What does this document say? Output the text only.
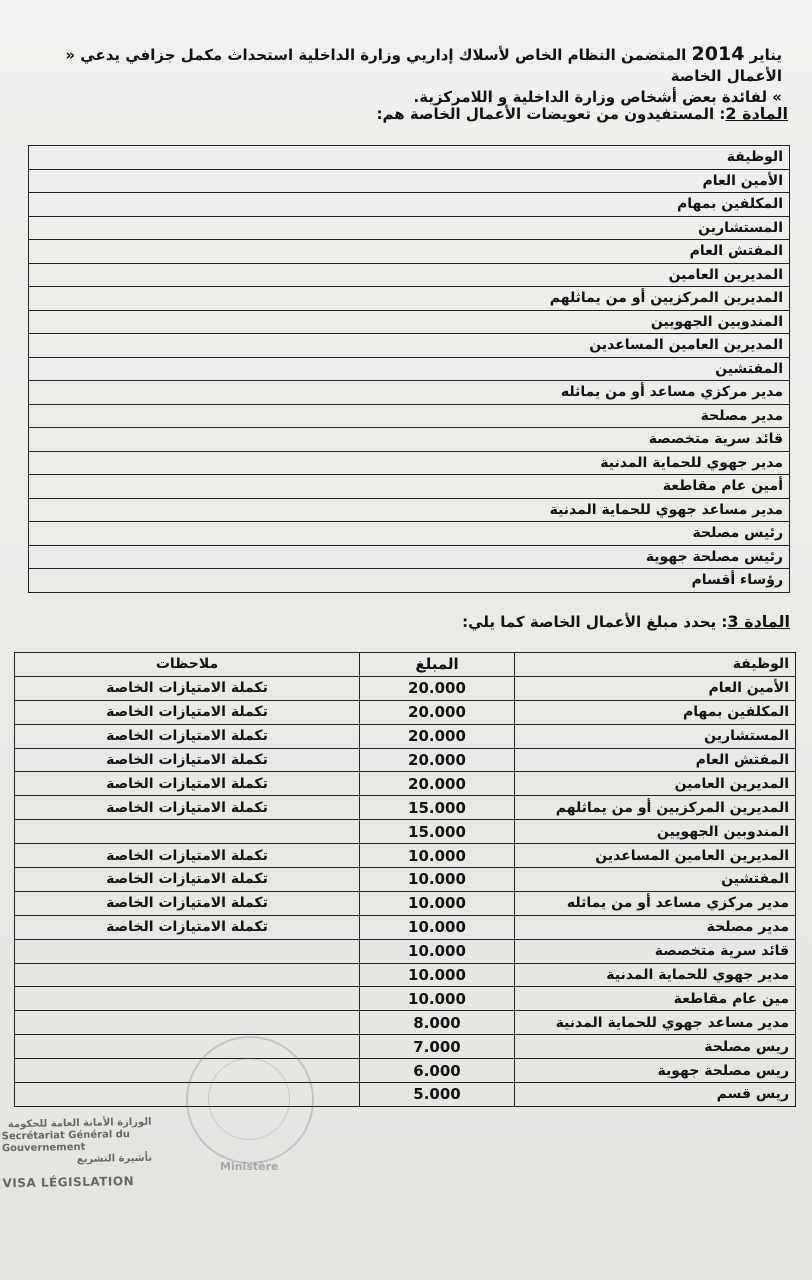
يناير 2014 المتضمن النظام الخاص لأسلاك إداريي وزارة الداخلية استحداث مكمل جزافي يدعي « الأعمال الخاصة

» لفائدة بعض أشخاص وزارة الداخلية و اللامركزية.

المادة 2: المستفيدون من تعويضات الأعمال الخاصة هم:
الوظيفة
الأمين العام
المكلفين بمهام
المستشارين
المفتش العام
المديرين العامين
المديرين المركزيين أو من يماثلهم
المندوبين الجهويين
المديرين العامين المساعدين
المفتشين
مدير مركزي مساعد أو من يماثله
مدير مصلحة
قائد سرية متخصصة
مدير جهوي للحماية المدنية
أمين عام مقاطعة
مدير مساعد جهوي للحماية المدنية
رئيس مصلحة
رئيس مصلحة جهوية
رؤساء أقسام
المادة 3: يحدد مبلغ الأعمال الخاصة كما يلي:
الوظيفة	المبلغ	ملاحظات
الأمين العام	20.000	تكملة الامتيازات الخاصة
المكلفين بمهام	20.000	تكملة الامتيازات الخاصة
المستشارين	20.000	تكملة الامتيازات الخاصة
المفتش العام	20.000	تكملة الامتيازات الخاصة
المديرين العامين	20.000	تكملة الامتيازات الخاصة
المديرين المركزيين أو من يماثلهم	15.000	تكملة الامتيازات الخاصة
المندوبين الجهويين	15.000	
المديرين العامين المساعدين	10.000	تكملة الامتيازات الخاصة
المفتشين	10.000	تكملة الامتيازات الخاصة
مدير مركزي مساعد أو من يماثله	10.000	تكملة الامتيازات الخاصة
مدير مصلحة	10.000	تكملة الامتيازات الخاصة
قائد سرية متخصصة	10.000	
مدير جهوي للحماية المدنية	10.000	
مين عام مقاطعة	10.000	
مدير مساعد جهوي للحماية المدنية	8.000	
ريس مصلحة	7.000	
ريس مصلحة جهوية	6.000	
ريس قسم	5.000	
Ministère
الوزارة الأمانة العامة للحكومة
Secrétariat Général du Gouvernement
تأشيرة التشريع
VISA LÉGISLATION
